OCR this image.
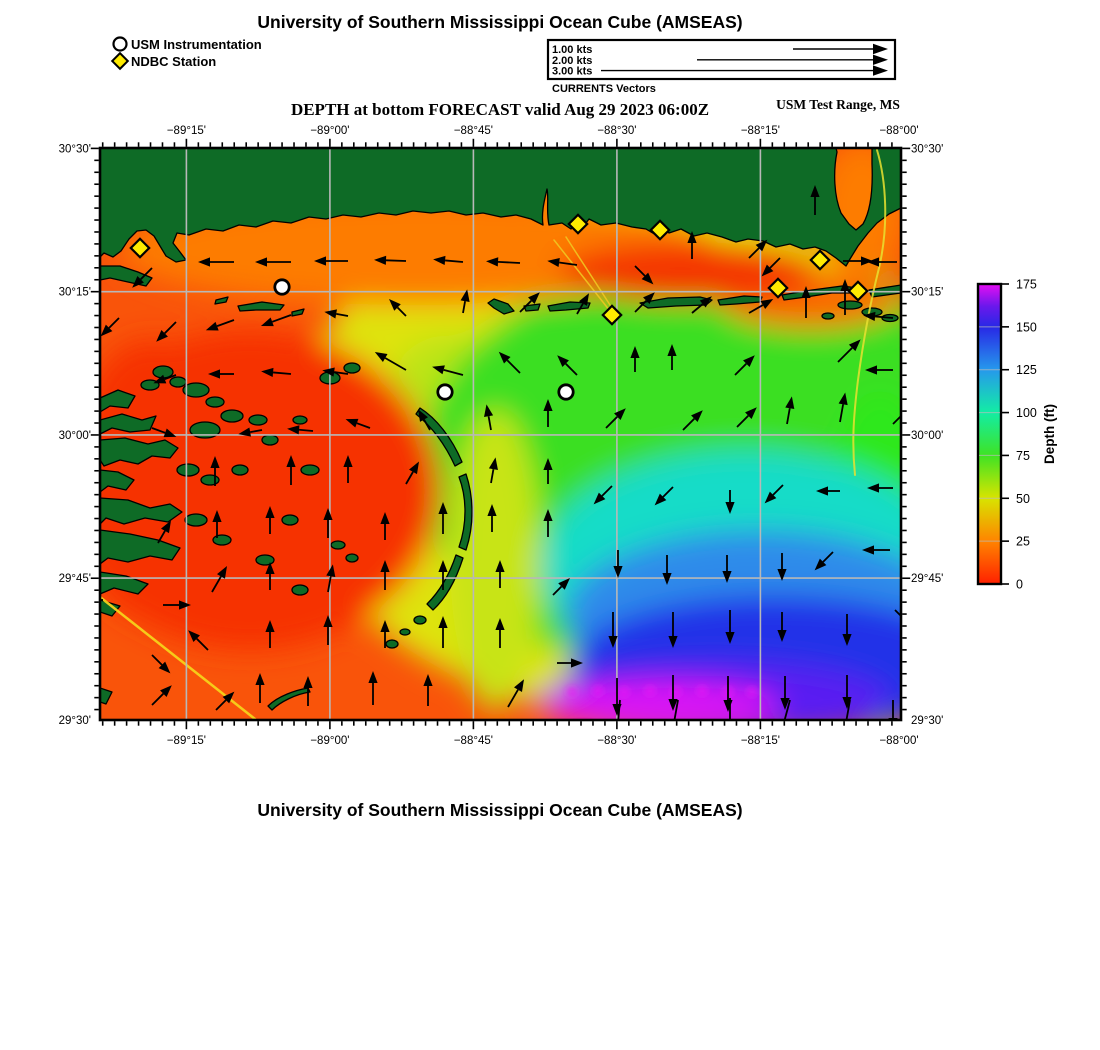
University of Southern Mississippi Ocean Cube (AMSEAS)
University of Southern Mississippi Ocean Cube (AMSEAS)
DEPTH at bottom FORECAST valid Aug 29 2023 06:00Z	USM Test Range, MS
USM Instrumentation
NDBC Station
1.00 kts
2.00 kts
3.00 kts
CURRENTS Vectors
−89°15'
−89°15'
−89°00'
−89°00'
−88°45'
−88°45'
−88°30'
−88°30'
−88°15'
−88°15'
−88°00'
−88°00'
30°30'	30°30'
30°15'	30°15'
30°00'	30°00'
29°45'	29°45'
29°30'	29°30'
0
25
50
75
100
125
150
175
Depth (ft)
